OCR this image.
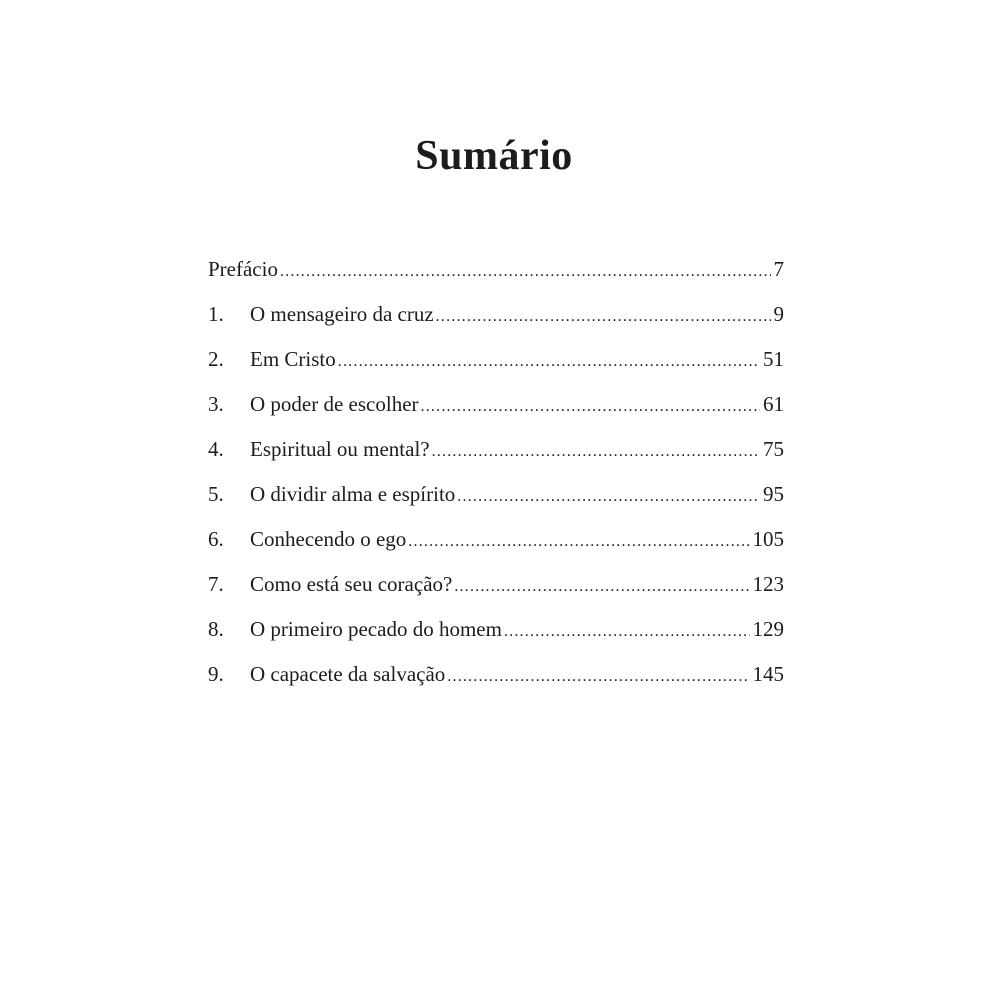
Sumário
Prefácio .....	7
1.	O mensageiro da cruz .....	9
2.	Em Cristo .....	51
3.	O poder de escolher .....	61
4.	Espiritual ou mental? .....	75
5.	O dividir alma e espírito .....	95
6.	Conhecendo o ego .....	105
7.	Como está seu coração? .....	123
8.	O primeiro pecado do homem .....	129
9.	O capacete da salvação .....	145
